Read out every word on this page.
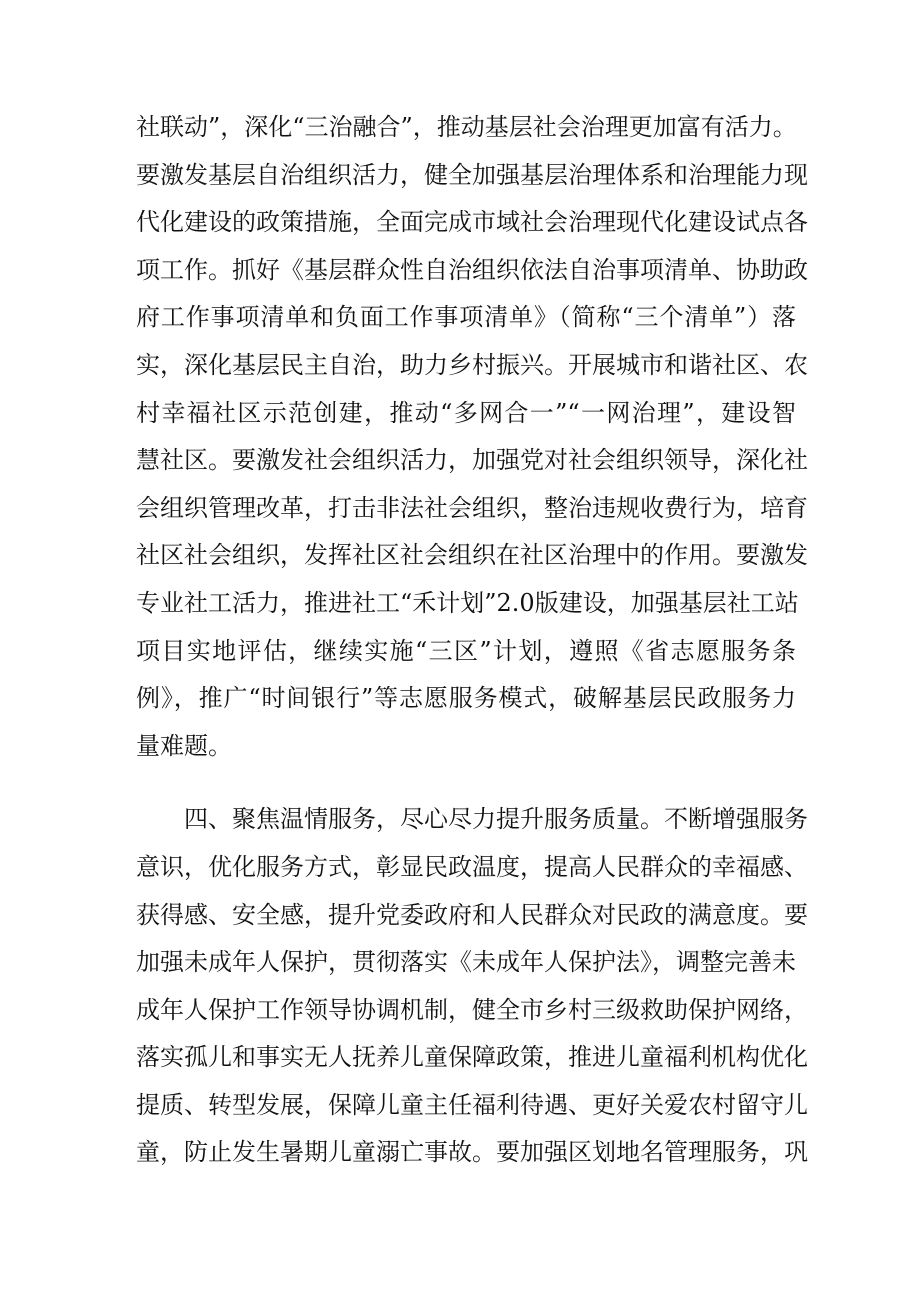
社联动”，深化“三治融合”，推动基层社会治理更加富有活力。
要激发基层自治组织活力，健全加强基层治理体系和治理能力现
代化建设的政策措施，全面完成市域社会治理现代化建设试点各
项工作。抓好《基层群众性自治组织依法自治事项清单、协助政
府工作事项清单和负面工作事项清单》（简称“三个清单”）落
实，深化基层民主自治，助力乡村振兴。开展城市和谐社区、农
村幸福社区示范创建，推动“多网合一”“一网治理”，建设智
慧社区。要激发社会组织活力，加强党对社会组织领导，深化社
会组织管理改革，打击非法社会组织，整治违规收费行为，培育
社区社会组织，发挥社区社会组织在社区治理中的作用。要激发
专业社工活力，推进社工“禾计划”2.0版建设，加强基层社工站
项目实地评估，继续实施“三区”计划，遵照《省志愿服务条
例》，推广“时间银行”等志愿服务模式，破解基层民政服务力
量难题。
四、聚焦温情服务，尽心尽力提升服务质量。不断增强服务
意识，优化服务方式，彰显民政温度，提高人民群众的幸福感、
获得感、安全感，提升党委政府和人民群众对民政的满意度。要
加强未成年人保护，贯彻落实《未成年人保护法》，调整完善未
成年人保护工作领导协调机制，健全市乡村三级救助保护网络，
落实孤儿和事实无人抚养儿童保障政策，推进儿童福利机构优化
提质、转型发展，保障儿童主任福利待遇、更好关爱农村留守儿
童，防止发生暑期儿童溺亡事故。要加强区划地名管理服务，巩
